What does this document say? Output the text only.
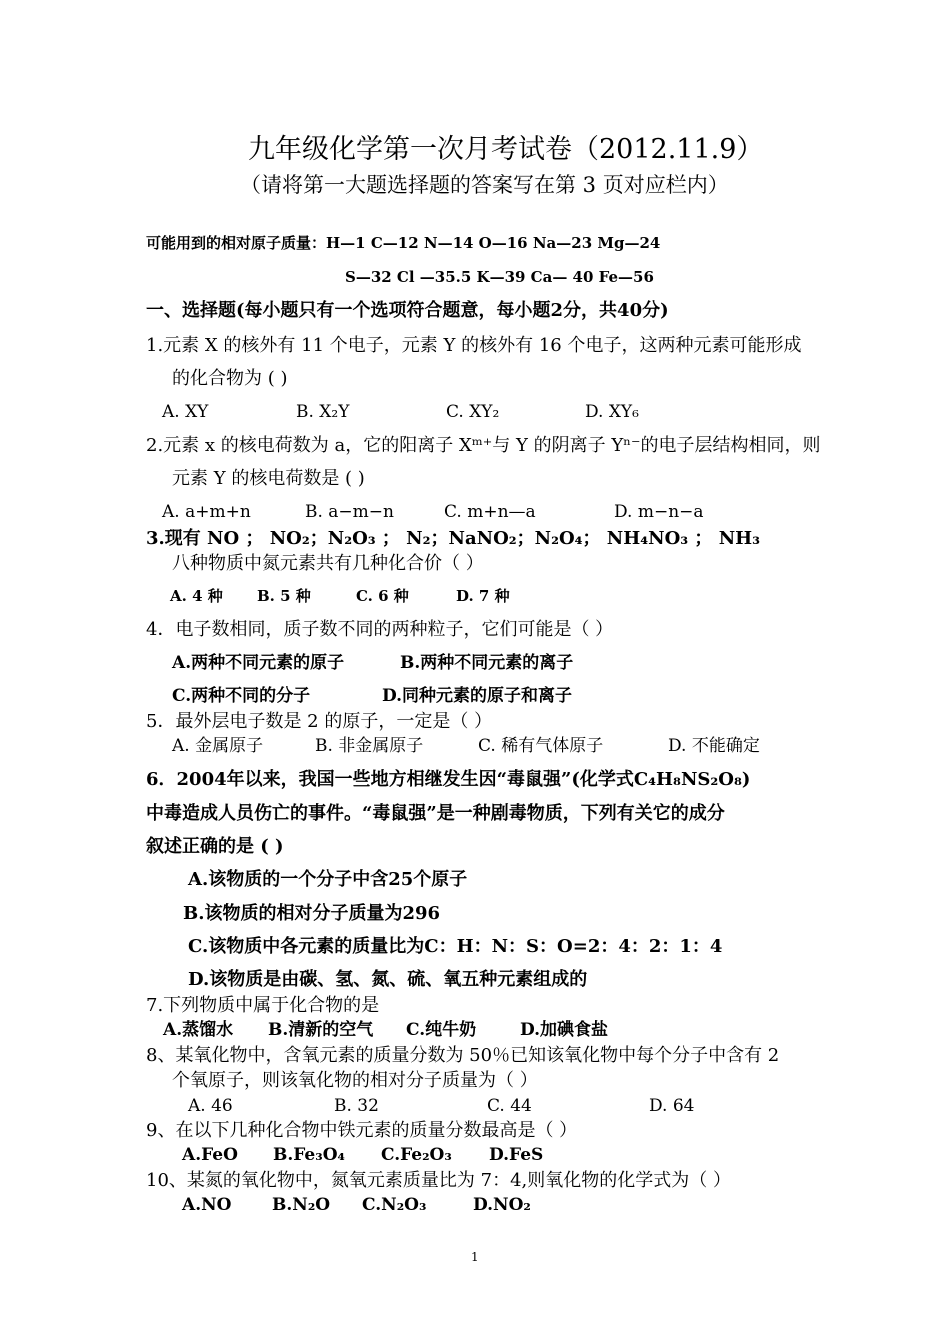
九年级化学第一次月考试卷（2012.11.9）
（请将第一大题选择题的答案写在第 3 页对应栏内）
可能用到的相对原子质量：H—1 C—12 N—14 O—16 Na—23 Mg—24
S—32 Cl —35.5 K—39 Ca— 40 Fe—56
一、选择题(每小题只有一个选项符合题意，每小题2分，共40分)
1.元素 X 的核外有 11 个电子，元素 Y 的核外有 16 个电子，这两种元素可能形成
的化合物为 ( )
A. XY	B. X₂Y	C. XY₂	D. XY₆
2.元素 x 的核电荷数为 a，它的阳离子 Xᵐ⁺与 Y 的阴离子 Yⁿ⁻的电子层结构相同，则
元素 Y 的核电荷数是 ( )
A. a+m+n	B. a−m−n	C. m+n—a	D. m−n−a
3.现有 NO ； NO₂；N₂O₃ ； N₂；NaNO₂；N₂O₄； NH₄NO₃ ； NH₃
八种物质中氮元素共有几种化合价（ ）
A. 4 种 B. 5 种	C. 6 种	D. 7 种
4．电子数相同，质子数不同的两种粒子，它们可能是（ ）
A.两种不同元素的原子	B.两种不同元素的离子
C.两种不同的分子	D.同种元素的原子和离子
5．最外层电子数是 2 的原子，一定是（ ）
A. 金属原子	B. 非金属原子	C. 稀有气体原子	D. 不能确定
6．2004年以来，我国一些地方相继发生因“毒鼠强”(化学式C₄H₈NS₂O₈)
中毒造成人员伤亡的事件。“毒鼠强”是一种剧毒物质，下列有关它的成分
叙述正确的是 ( )
A.该物质的一个分子中含25个原子
B.该物质的相对分子质量为296
C.该物质中各元素的质量比为C：H：N：S：O=2：4：2：1：4
D.该物质是由碳、氢、氮、硫、氧五种元素组成的
7.下列物质中属于化合物的是
A.蒸馏水 B.清新的空气 C.纯牛奶	D.加碘食盐
8、某氧化物中，含氧元素的质量分数为 50％已知该氧化物中每个分子中含有 2
个氧原子，则该氧化物的相对分子质量为（ ）
A. 46	B. 32	C. 44	D. 64
9、在以下几种化合物中铁元素的质量分数最高是（ ）
A.FeO B.Fe₃O₄ C.Fe₂O₃ D.FeS
10、某氮的氧化物中，氮氧元素质量比为 7：4,则氧化物的化学式为（ ）
A.NO B.N₂O C.N₂O₃	D.NO₂
1
